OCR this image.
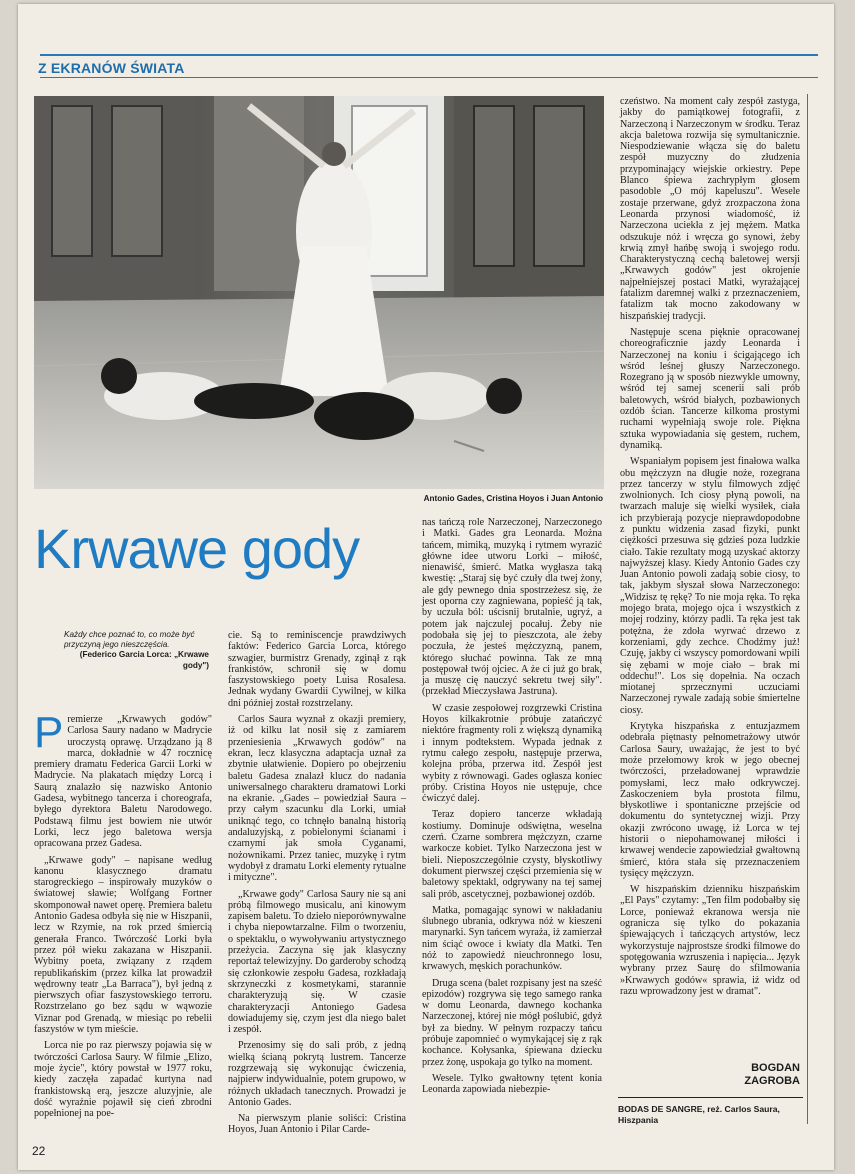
Z EKRANÓW ŚWIATA
Antonio Gades, Cristina Hoyos i Juan Antonio
Krwawe gody
Każdy chce poznać to, co może być przyczyną jego nieszczęścia.
(Federico Garcia Lorca: „Krwawe gody")

Premierze „Krwawych godów" Carlosa Saury nadano w Madrycie uroczystą oprawę. Urządzano ją 8 marca, dokładnie w 47 rocznicę premiery dramatu Federica Garcii Lorki w Madrycie. Na plakatach między Lorcą i Saurą znalazło się nazwisko Antonio Gadesa, wybitnego tancerza i choreografa, byłego dyrektora Baletu Narodowego. Podstawą filmu jest bowiem nie utwór Lorki, lecz jego baletowa wersja opracowana przez Gadesa.

„Krwawe gody" – napisane według kanonu klasycznego dramatu starogreckiego – inspirowały muzyków o światowej sławie; Wolfgang Fortner skomponował nawet operę. Premiera baletu Antonio Gadesa odbyła się nie w Hiszpanii, lecz w Rzymie, na rok przed śmiercią generała Franco. Twórczość Lorki była przez pół wieku zakazana w Hiszpanii. Wybitny poeta, związany z rządem republikańskim (przez kilka lat prowadził wędrowny teatr „La Barraca"), był jedną z pierwszych ofiar faszystowskiego terroru. Rozstrzelano go bez sądu w wąwozie Viznar pod Grenadą, w miesiąc po rebelii faszystów w tym mieście.

Lorca nie po raz pierwszy pojawia się w twórczości Carlosa Saury. W filmie „Elizo, moje życie", który powstał w 1977 roku, kiedy zaczęła zapadać kurtyna nad frankistowską erą, jeszcze aluzyjnie, ale dość wyraźnie pojawił się cień zbrodni popełnionej na poe-

cie. Są to reminiscencje prawdziwych faktów: Federico Garcia Lorca, którego szwagier, burmistrz Grenady, zginął z rąk frankistów, schronił się w domu faszystowskiego poety Luisa Rosalesa. Jednak wydany Gwardii Cywilnej, w kilka dni później został rozstrzelany.

Carlos Saura wyznał z okazji premiery, iż od kilku lat nosił się z zamiarem przeniesienia „Krwawych godów" na ekran, lecz klasyczna adaptacja uznał za zbytnie ułatwienie. Dopiero po obejrzeniu baletu Gadesa znalazł klucz do nadania uniwersalnego charakteru dramatowi Lorki na ekranie. „Gades – powiedział Saura – przy całym szacunku dla Lorki, umiał uniknąć tego, co tchnęło banalną historią andaluzyjską, z pobielonymi ścianami i czarnymi jak smoła Cyganami, nożownikami. Przez taniec, muzykę i rytm wydobył z dramatu Lorki elementy rytualne i mityczne".

„Krwawe gody" Carlosa Saury nie są ani próbą filmowego musicalu, ani kinowym zapisem baletu. To dzieło nieporównywalne i chyba niepowtarzalne. Film o tworzeniu, o spektaklu, o wywoływaniu artystycznego przeżycia. Zaczyna się jak klasyczny reportaż telewizyjny. Do garderoby schodzą się członkowie zespołu Gadesa, rozkładają skrzyneczki z kosmetykami, starannie charakteryzują się. W czasie charakteryzacji Antoniego Gadesa dowiadujemy się, czym jest dla niego balet i zespół.

Przenosimy się do sali prób, z jedną wielką ścianą pokrytą lustrem. Tancerze rozgrzewają się wykonując ćwiczenia, najpierw indywidualnie, potem grupowo, w różnych układach tanecznych. Prowadzi je Antonio Gades.

Na pierwszym planie soliści: Cristina Hoyos, Juan Antonio i Pilar Carde-

nas tańczą role Narzeczonej, Narzeczonego i Matki. Gades gra Leonarda. Można tańcem, mimiką, muzyką i rytmem wyrazić główne idee utworu Lorki – miłość, nienawiść, śmierć. Matka wygłasza taką kwestię: „Staraj się być czuły dla twej żony, ale gdy pewnego dnia spostrzeżesz się, że jest oporna czy zagniewana, popieść ją tak, by uczuła ból: uścisnij brutalnie, ugryź, a potem jak najczulej pocałuj. Żeby nie podobała się jej to pieszczota, ale żeby poczuła, że jesteś mężczyzną, panem, którego słuchać powinna. Tak ze mną postępował twój ojciec. A że ci już go brak, ja muszę cię nauczyć sekretu twej siły". (przekład Mieczysława Jastruna).

W czasie zespołowej rozgrzewki Cristina Hoyos kilkakrotnie próbuje zatańczyć niektóre fragmenty roli z większą dynamiką i innym podtekstem. Wypada jednak z rytmu całego zespołu, następuje przerwa, kolejna próba, przerwa itd. Zespół jest wybity z równowagi. Gades ogłasza koniec próby. Cristina Hoyos nie ustępuje, chce ćwiczyć dalej.

Teraz dopiero tancerze wkładają kostiumy. Dominuje odświętna, weselna czerń. Czarne sombrera mężczyzn, czarne warkocze kobiet. Tylko Narzeczona jest w bieli. Nieposzczególnie czysty, błyskotliwy dokument pierwszej części przemienia się w baletowy spektakl, odgrywany na tej samej sali prób, ascetycznej, pozbawionej ozdób.

Matka, pomagając synowi w nakładaniu ślubnego ubrania, odkrywa nóż w kieszeni marynarki. Syn tańcem wyraża, iż zamierzał nim ściąć owoce i kwiaty dla Matki. Ten nóż to zapowiedź nieuchronnego losu, krwawych, męskich porachunków.

Druga scena (balet rozpisany jest na sześć epizodów) rozgrywa się tego samego ranka w domu Leonarda, dawnego kochanka Narzeczonej, której nie mógł poślubić, gdyż był za biedny. W pełnym rozpaczy tańcu próbuje zapomnieć o wymykającej się z rąk kochance. Kołysanka, śpiewana dziecku przez żonę, uspokaja go tylko na moment.

Wesele. Tylko gwałtowny tętent konia Leonarda zapowiada niebezpie-

czeństwo. Na moment cały zespół zastyga, jakby do pamiątkowej fotografii, z Narzeczoną i Narzeczonym w środku. Teraz akcja baletowa rozwija się symultanicznie. Niespodziewanie włącza się do baletu zespół muzyczny do złudzenia przypominający wiejskie orkiestry. Pepe Blanco śpiewa zachrypłym głosem pasodoble „O mój kapeluszu". Wesele zostaje przerwane, gdyż zrozpaczona żona Leonarda przynosi wiadomość, iż Narzeczona uciekła z jej mężem. Matka odszukuje nóż i wręcza go synowi, żeby krwią zmył hańbę swoją i swojego rodu. Charakterystyczną cechą baletowej wersji „Krwawych godów" jest okrojenie najpełniejszej postaci Matki, wyrażającej fatalizm daremnej walki z przeznaczeniem, fatalizm tak mocno zakodowany w hiszpańskiej tradycji.

Następuje scena pięknie opracowanej choreograficznie jazdy Leonarda i Narzeczonej na koniu i ścigającego ich wśród leśnej głuszy Narzeczonego. Rozegrano ją w sposób niezwykle umowny, wśród tej samej scenerii sali prób baletowych, wśród białych, pozbawionych ozdób ścian. Tancerze kilkoma prostymi ruchami wypełniają swoje role. Piękna sztuka wypowiadania się gestem, ruchem, dynamiką.

Wspaniałym popisem jest finałowa walka obu mężczyzn na długie noże, rozegrana przez tancerzy w stylu filmowych zdjęć zwolnionych. Ich ciosy płyną powoli, na twarzach maluje się wielki wysiłek, ciała ich przybierają pozycje nieprawdopodobne z punktu widzenia zasad fizyki, punkt ciężkości przesuwa się gdzieś poza ludzkie ciało. Takie rezultaty mogą uzyskać aktorzy najwyższej klasy. Kiedy Antonio Gades czy Juan Antonio powoli zadają sobie ciosy, to tak, jakbym słyszał słowa Narzeczonego: „Widzisz tę rękę? To nie moja ręka. To ręka mojego brata, mojego ojca i wszystkich z mojej rodziny, którzy padli. Ta ręka jest tak potężna, że zdoła wyrwać drzewo z korzeniami, gdy zechce. Chodźmy już! Czuję, jakby ci wszyscy pomordowani wpili się zębami w moje ciało – brak mi oddechu!". Los się dopełnia. Na oczach miotanej sprzecznymi uczuciami Narzeczonej rywale zadają sobie śmiertelne ciosy.

Krytyka hiszpańska z entuzjazmem odebrała piętnasty pełnometrażowy utwór Carlosa Saury, uważając, że jest to być może przełomowy krok w jego obecnej twórczości, przeładowanej wprawdzie pomysłami, lecz mało odkrywczej. Zaskoczeniem była prostota filmu, błyskotliwe i spontaniczne przejście od dokumentu do syntetycznej wizji. Przy okazji zwrócono uwagę, iż Lorca w tej historii o niepohamowanej miłości i krwawej wendecie zapowiedział gwałtowną śmierć, która stała się przeznaczeniem tysięcy mężczyzn.

W hiszpańskim dzienniku hiszpańskim „El Pays" czytamy: „Ten film podobałby się Lorce, ponieważ ekranowa wersja nie ogranicza się tylko do pokazania śpiewających i tańczących artystów, lecz wykorzystuje najprostsze środki filmowe do spotęgowania wzruszenia i napięcia... Język wybrany przez Saurę do sfilmowania »Krwawych godów« sprawia, iż widz od razu wprowadzony jest w dramat".

BOGDAN
ZAGROBA
BODAS DE SANGRE, reż. Carlos Saura, Hiszpania
22
